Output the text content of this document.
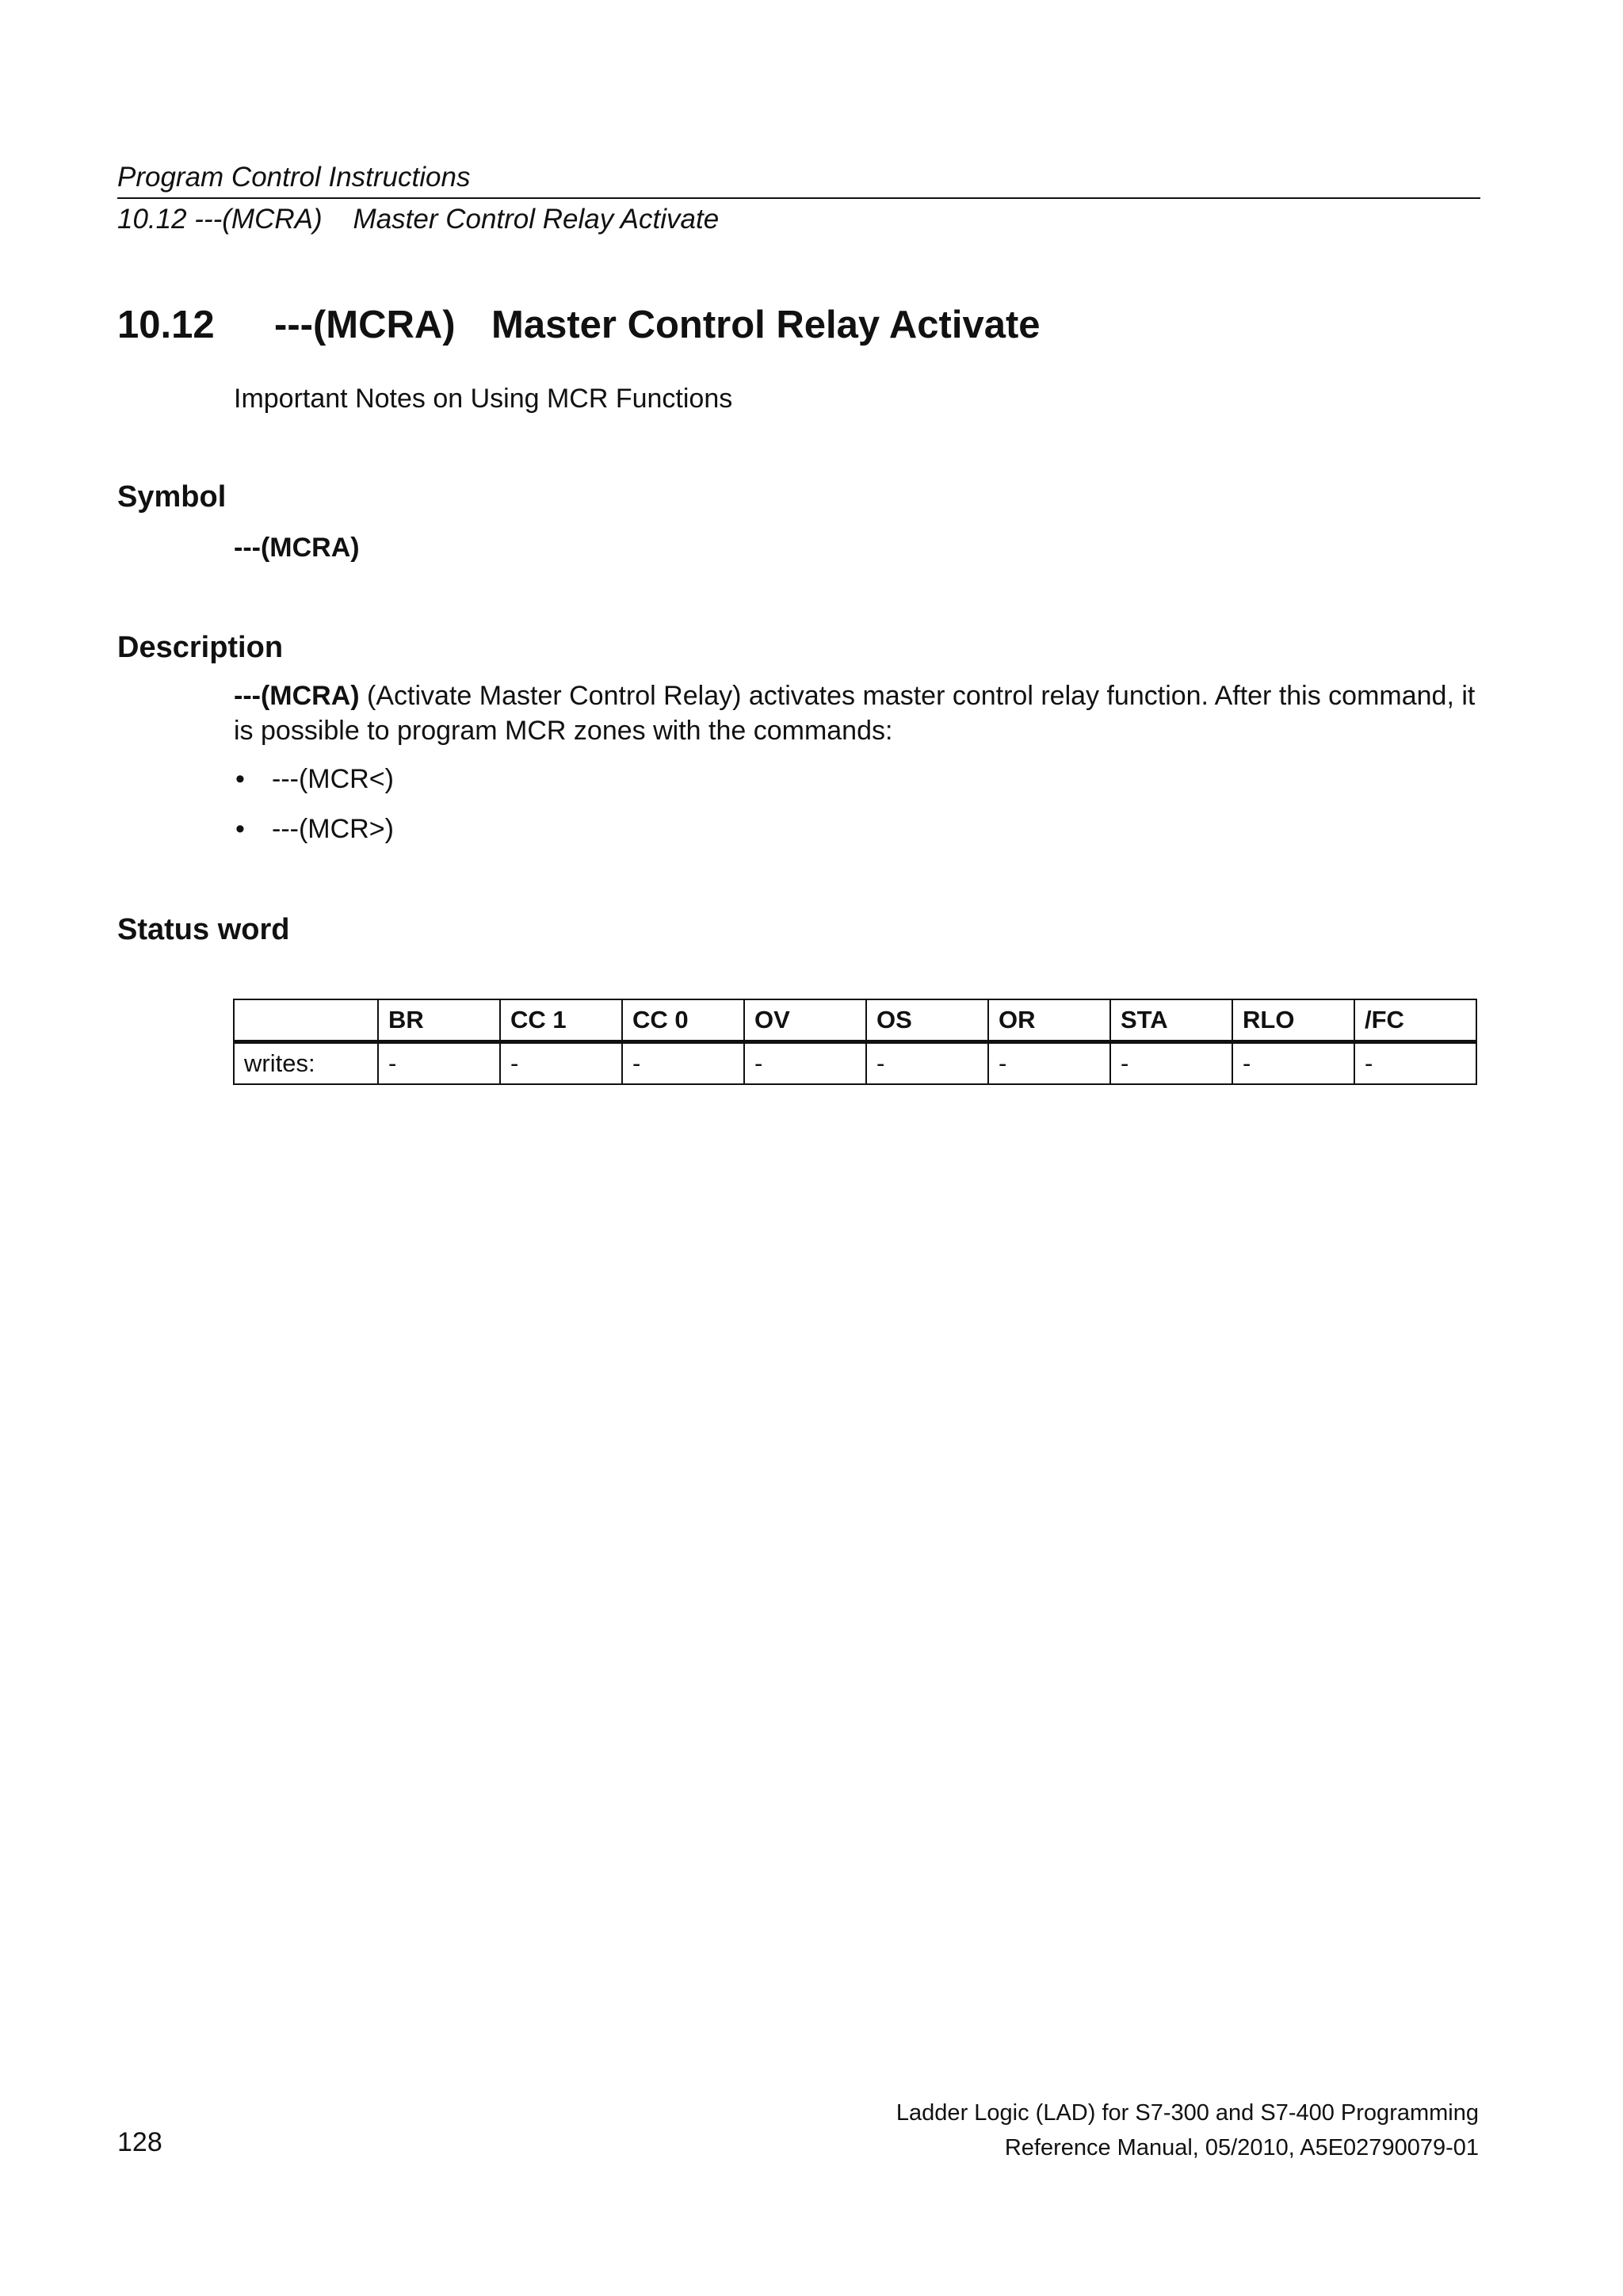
Program Control Instructions
10.12 ---(MCRA)    Master Control Relay Activate
10.12 ---(MCRA) Master Control Relay Activate
Important Notes on Using MCR Functions
Symbol
---(MCRA)
Description
---(MCRA) (Activate Master Control Relay) activates master control relay function. After this command, it is possible to program MCR zones with the commands:
• ---(MCR<)
• ---(MCR>)
Status word
	BR	CC 1	CC 0	OV	OS	OR	STA	RLO	/FC
writes:	-	-	-	-	-	-	-	-	-
128
Ladder Logic (LAD) for S7-300 and S7-400 Programming
Reference Manual, 05/2010, A5E02790079-01
